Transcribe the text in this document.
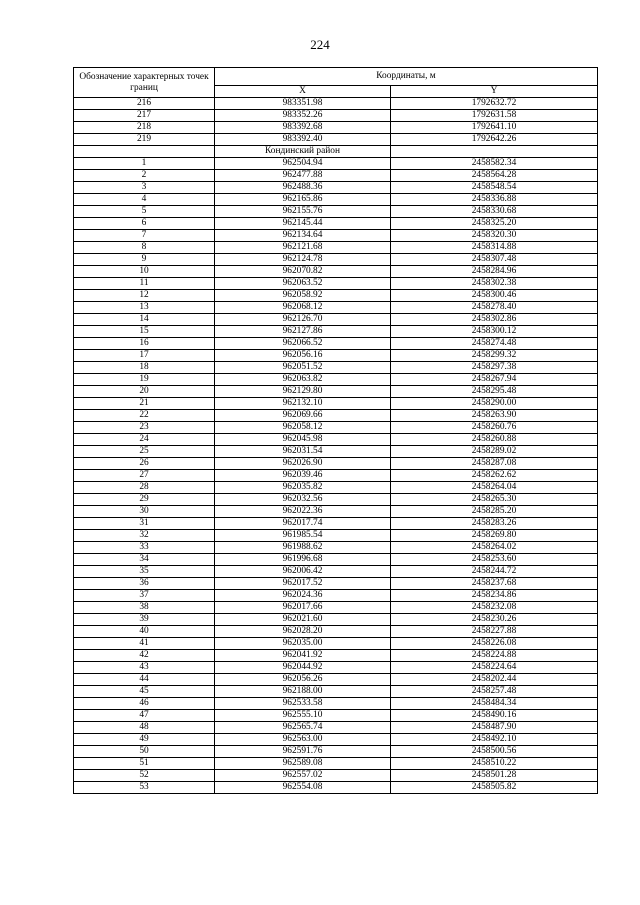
224
Обозначение характерных точек границ	Координаты, м	
	X	Y
216	983351.98	1792632.72
217	983352.26	1792631.58
218	983392.68	1792641.10
219	983392.40	1792642.26
	Кондинский район	
1	962504.94	2458582.34
2	962477.88	2458564.28
3	962488.36	2458548.54
4	962165.86	2458336.88
5	962155.76	2458330.68
6	962145.44	2458325.20
7	962134.64	2458320.30
8	962121.68	2458314.88
9	962124.78	2458307.48
10	962070.82	2458284.96
11	962063.52	2458302.38
12	962058.92	2458300.46
13	962068.12	2458278.40
14	962126.70	2458302.86
15	962127.86	2458300.12
16	962066.52	2458274.48
17	962056.16	2458299.32
18	962051.52	2458297.38
19	962063.82	2458267.94
20	962129.80	2458295.48
21	962132.10	2458290.00
22	962069.66	2458263.90
23	962058.12	2458260.76
24	962045.98	2458260.88
25	962031.54	2458289.02
26	962026.90	2458287.08
27	962039.46	2458262.62
28	962035.82	2458264.04
29	962032.56	2458265.30
30	962022.36	2458285.20
31	962017.74	2458283.26
32	961985.54	2458269.80
33	961988.62	2458264.02
34	961996.68	2458253.60
35	962006.42	2458244.72
36	962017.52	2458237.68
37	962024.36	2458234.86
38	962017.66	2458232.08
39	962021.60	2458230.26
40	962028.20	2458227.88
41	962035.00	2458226.08
42	962041.92	2458224.88
43	962044.92	2458224.64
44	962056.26	2458202.44
45	962188.00	2458257.48
46	962533.58	2458484.34
47	962555.10	2458490.16
48	962565.74	2458487.90
49	962563.00	2458492.10
50	962591.76	2458500.56
51	962589.08	2458510.22
52	962557.02	2458501.28
53	962554.08	2458505.82
